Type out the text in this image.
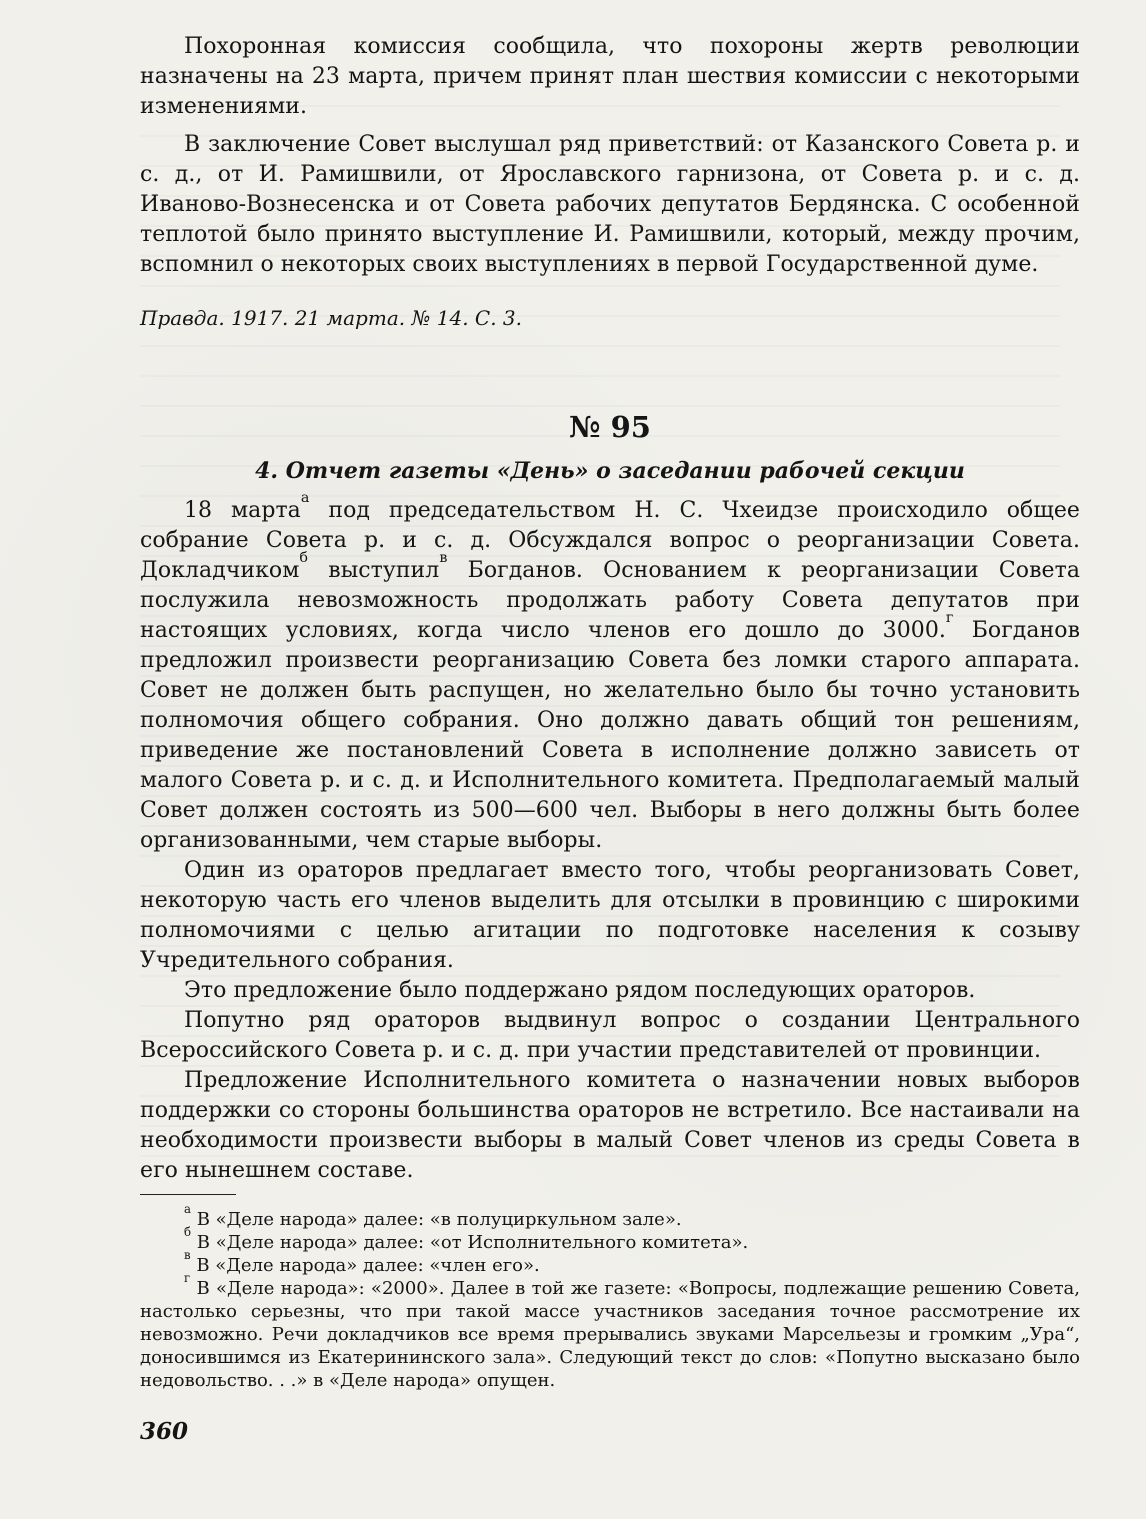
Похоронная комиссия сообщила, что похороны жертв революции назначены на 23 марта, причем принят план шествия комиссии с некоторыми изменениями.

В заключение Совет выслушал ряд приветствий: от Казанского Совета р. и с. д., от И. Рамишвили, от Ярославского гарнизона, от Совета р. и с. д. Иваново-Вознесенска и от Совета рабочих депутатов Бердянска. С особенной теплотой было принято выступление И. Рамишвили, который, между прочим, вспомнил о некоторых своих выступлениях в первой Государственной думе.

Правда. 1917. 21 марта. № 14. С. 3.

№ 95

4. Отчет газеты «День» о заседании рабочей секции

18 марта$^а$ под председательством Н. С. Чхеидзе происходило общее собрание Совета р. и с. д. Обсуждался вопрос о реорганизации Совета. Докладчиком$^б$ выступил$^в$ Богданов. Основанием к реорганизации Совета послужила невозможность продолжать работу Совета депутатов при настоящих условиях, когда число членов его дошло до 3000.$^г$ Богданов предложил произвести реорганизацию Совета без ломки старого аппарата. Совет не должен быть распущен, но желательно было бы точно установить полномочия общего собрания. Оно должно давать общий тон решениям, приведение же постановлений Совета в исполнение должно зависеть от малого Совета р. и с. д. и Исполнительного комитета. Предполагаемый малый Совет должен состоять из 500—600 чел. Выборы в него должны быть более организованными, чем старые выборы.

Один из ораторов предлагает вместо того, чтобы реорганизовать Совет, некоторую часть его членов выделить для отсылки в провинцию с широкими полномочиями с целью агитации по подготовке населения к созыву Учредительного собрания.

Это предложение было поддержано рядом последующих ораторов.

Попутно ряд ораторов выдвинул вопрос о создании Центрального Всероссийского Совета р. и с. д. при участии представителей от провинции.

Предложение Исполнительного комитета о назначении новых выборов поддержки со стороны большинства ораторов не встретило. Все настаивали на необходимости произвести выборы в малый Совет членов из среды Совета в его нынешнем составе.

$^а$ В «Деле народа» далее: «в полуциркульном зале».

$^б$ В «Деле народа» далее: «от Исполнительного комитета».

$^в$ В «Деле народа» далее: «член его».

$^г$ В «Деле народа»: «2000». Далее в той же газете: «Вопросы, подлежащие решению Совета, настолько серьезны, что при такой массе участников заседания точное рассмотрение их невозможно. Речи докладчиков все время прерывались звуками Марсельезы и громким „Ура“, доносившимся из Екатерининского зала». Следующий текст до слов: «Попутно высказано было недовольство. . .» в «Деле народа» опущен.

360
